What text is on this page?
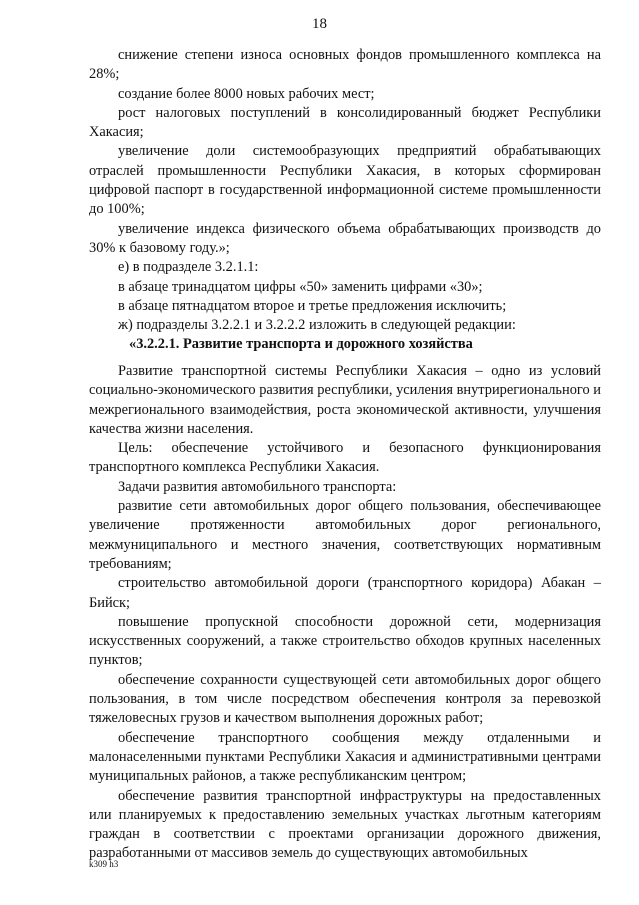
18

снижение степени износа основных фондов промышленного комплекса на 28%;

создание более 8000 новых рабочих мест;

рост налоговых поступлений в консолидированный бюджет Республики Хакасия;

увеличение доли системообразующих предприятий обрабатывающих отраслей промышленности Республики Хакасия, в которых сформирован цифровой паспорт в государственной информационной системе промышленности до 100%;

увеличение индекса физического объема обрабатывающих производств до 30% к базовому году.»;

е) в подразделе 3.2.1.1:

в абзаце тринадцатом цифры «50» заменить цифрами «30»;

в абзаце пятнадцатом второе и третье предложения исключить;

ж) подразделы 3.2.2.1 и 3.2.2.2 изложить в следующей редакции:

«3.2.2.1. Развитие транспорта и дорожного хозяйства

Развитие транспортной системы Республики Хакасия – одно из условий социально-экономического развития республики, усиления внутрирегионального и межрегионального взаимодействия, роста экономической активности, улучшения качества жизни населения.

Цель: обеспечение устойчивого и безопасного функционирования транспортного комплекса Республики Хакасия.

Задачи развития автомобильного транспорта:

развитие сети автомобильных дорог общего пользования, обеспечивающее увеличение протяженности автомобильных дорог регионального, межмуниципального и местного значения, соответствующих нормативным требованиям;

строительство автомобильной дороги (транспортного коридора) Абакан – Бийск;

повышение пропускной способности дорожной сети, модернизация искусственных сооружений, а также строительство обходов крупных населенных пунктов;

обеспечение сохранности существующей сети автомобильных дорог общего пользования, в том числе посредством обеспечения контроля за перевозкой тяжеловесных грузов и качеством выполнения дорожных работ;

обеспечение транспортного сообщения между отдаленными и малонаселенными пунктами Республики Хакасия и административными центрами муниципальных районов, а также республиканским центром;

обеспечение развития транспортной инфраструктуры на предоставленных или планируемых к предоставлению земельных участках льготным категориям граждан в соответствии с проектами организации дорожного движения, разработанными от массивов земель до существующих автомобильных

k309 h3
